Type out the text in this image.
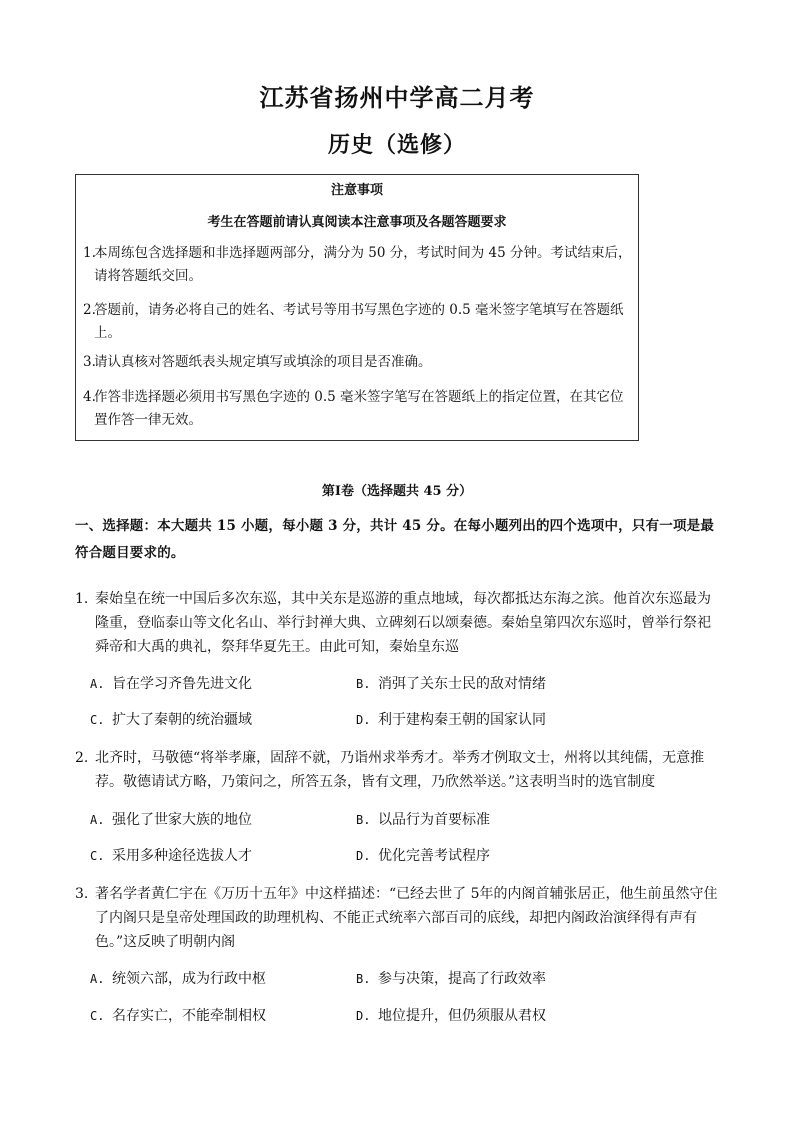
江苏省扬州中学高二月考
历史（选修）
注意事项
考生在答题前请认真阅读本注意事项及各题答题要求
1.
本周练包含选择题和非选择题两部分，满分为 50 分，考试时间为 45 分钟。考试结束后，请将答题纸交回。
2.
答题前，请务必将自己的姓名、考试号等用书写黑色字迹的 0.5 毫米签字笔填写在答题纸上。
3.
请认真核对答题纸表头规定填写或填涂的项目是否准确。
4.
作答非选择题必须用书写黑色字迹的 0.5 毫米签字笔写在答题纸上的指定位置，在其它位置作答一律无效。
第Ⅰ卷（选择题共 45 分）
一、选择题：本大题共 15 小题，每小题 3 分，共计 45 分。在每小题列出的四个选项中，只有一项是最符合题目要求的。
1. 秦始皇在统一中国后多次东巡，其中关东是巡游的重点地域，每次都抵达东海之滨。他首次东巡最为隆重，登临泰山等文化名山、举行封禅大典、立碑刻石以颂秦德。秦始皇第四次东巡时，曾举行祭祀舜帝和大禹的典礼，祭拜华夏先王。由此可知，秦始皇东巡
A. 旨在学习齐鲁先进文化	B. 消弭了关东士民的敌对情绪
C. 扩大了秦朝的统治疆域	D. 利于建构秦王朝的国家认同
2. 北齐时，马敬德“将举孝廉，固辞不就，乃诣州求举秀才。举秀才例取文士，州将以其纯儒，无意推荐。敬德请试方略，乃策问之，所答五条，皆有文理，乃欣然举送。”这表明当时的选官制度
A. 强化了世家大族的地位	B. 以品行为首要标准
C. 采用多种途径选拔人才	D. 优化完善考试程序
3. 著名学者黄仁宇在《万历十五年》中这样描述：“已经去世了 5年的内阁首辅张居正，他生前虽然守住了内阁只是皇帝处理国政的助理机构、不能正式统率六部百司的底线，却把内阁政治演绎得有声有色。”这反映了明朝内阁
A. 统领六部，成为行政中枢	B. 参与决策，提高了行政效率
C. 名存实亡，不能牵制相权	D. 地位提升，但仍须服从君权
